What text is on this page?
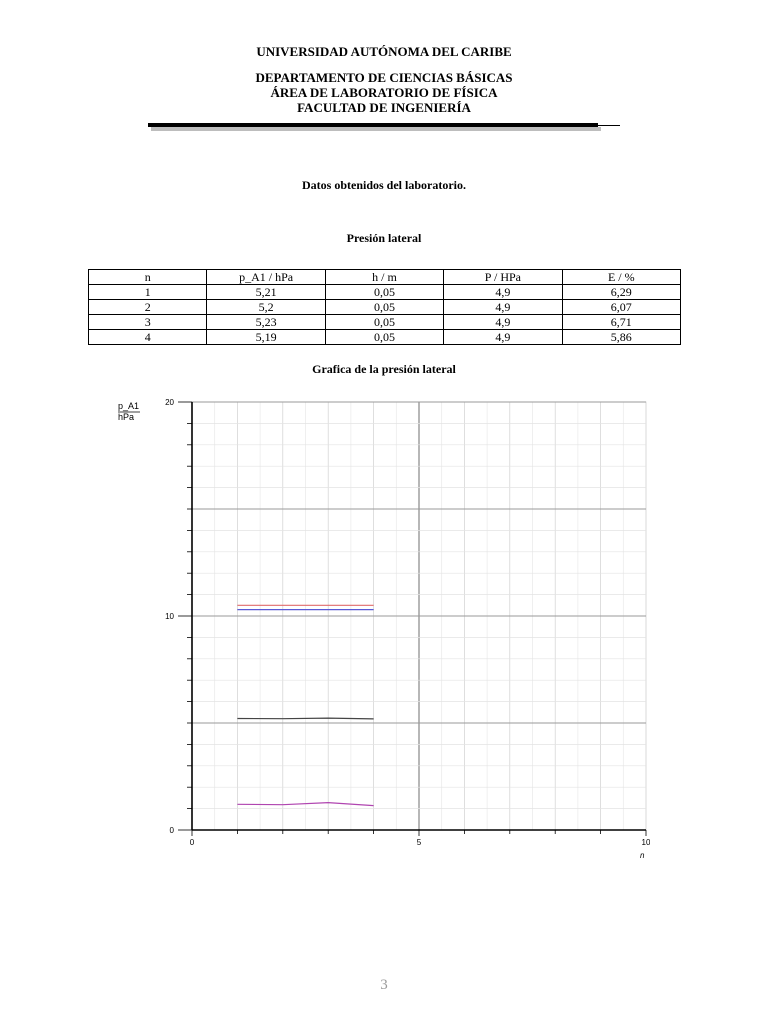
UNIVERSIDAD AUTÓNOMA DEL CARIBE
DEPARTAMENTO DE CIENCIAS BÁSICAS
ÁREA DE LABORATORIO DE FÍSICA
FACULTAD DE INGENIERÍA
Datos obtenidos del laboratorio.
Presión lateral
n	p_A1 / hPa	h / m	P / HPa	E / %
1	5,21	0,05	4,9	6,29
2	5,2	0,05	4,9	6,07
3	5,23	0,05	4,9	6,71
4	5,19	0,05	4,9	5,86
Grafica de la presión lateral
0
10
20
0	5	10
p_A1
hPa
n
3
